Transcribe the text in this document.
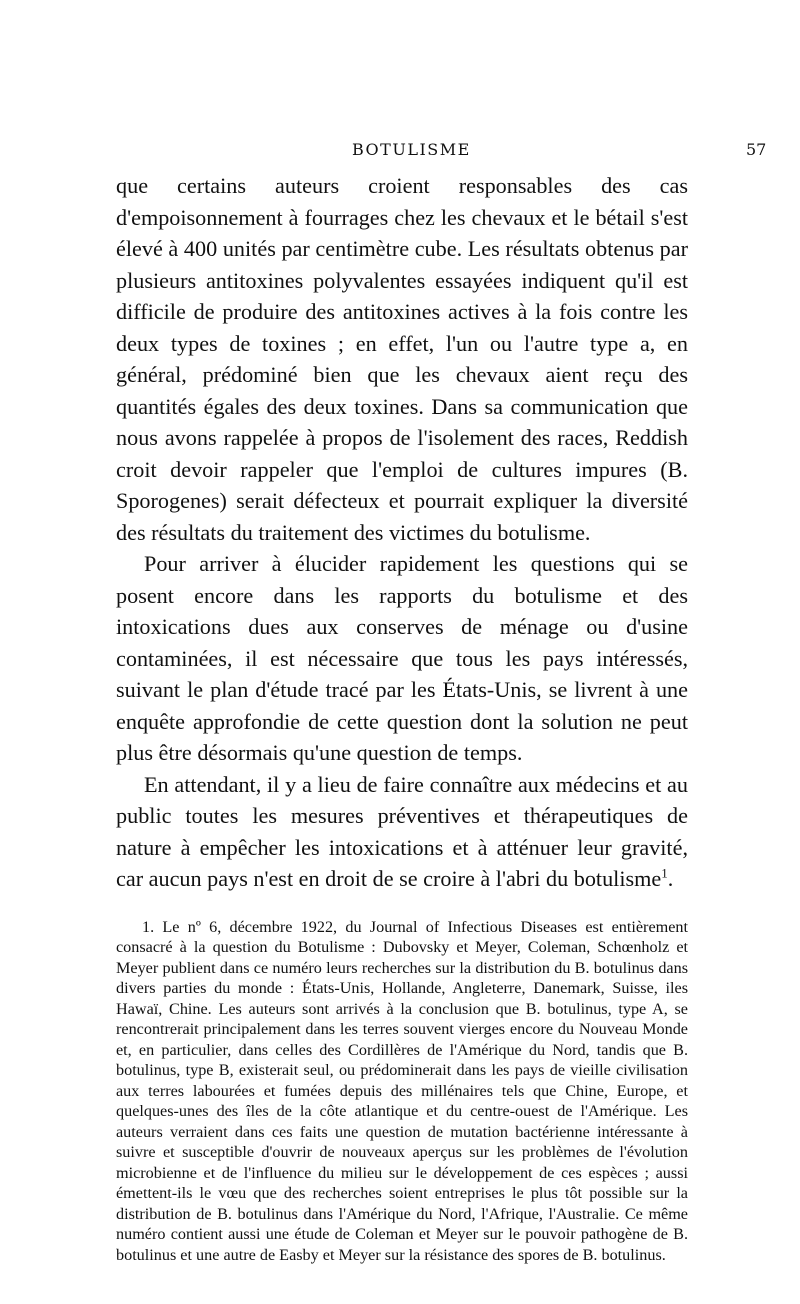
BOTULISME	57

que certains auteurs croient responsables des cas d'empoisonnement à fourrages chez les chevaux et le bétail s'est élevé à 400 unités par centimètre cube. Les résultats obtenus par plusieurs antitoxines polyvalentes essayées indiquent qu'il est difficile de produire des antitoxines actives à la fois contre les deux types de toxines ; en effet, l'un ou l'autre type a, en général, prédominé bien que les chevaux aient reçu des quantités égales des deux toxines. Dans sa communication que nous avons rappelée à propos de l'isolement des races, Reddish croit devoir rappeler que l'emploi de cultures impures (B. Sporogenes) serait défecteux et pourrait expliquer la diversité des résultats du traitement des victimes du botulisme.

Pour arriver à élucider rapidement les questions qui se posent encore dans les rapports du botulisme et des intoxications dues aux conserves de ménage ou d'usine contaminées, il est nécessaire que tous les pays intéressés, suivant le plan d'étude tracé par les États-Unis, se livrent à une enquête approfondie de cette question dont la solution ne peut plus être désormais qu'une question de temps.

En attendant, il y a lieu de faire connaître aux médecins et au public toutes les mesures préventives et thérapeutiques de nature à empêcher les intoxications et à atténuer leur gravité, car aucun pays n'est en droit de se croire à l'abri du botulisme$^1$.

1. Le nº 6, décembre 1922, du Journal of Infectious Diseases est entièrement consacré à la question du Botulisme : Dubovsky et Meyer, Coleman, Schœnholz et Meyer publient dans ce numéro leurs recherches sur la distribution du B. botulinus dans divers parties du monde : États-Unis, Hollande, Angleterre, Danemark, Suisse, iles Hawaï, Chine. Les auteurs sont arrivés à la conclusion que B. botulinus, type A, se rencontrerait principalement dans les terres souvent vierges encore du Nouveau Monde et, en particulier, dans celles des Cordillères de l'Amérique du Nord, tandis que B. botulinus, type B, existerait seul, ou prédominerait dans les pays de vieille civilisation aux terres labourées et fumées depuis des millénaires tels que Chine, Europe, et quelques-unes des îles de la côte atlantique et du centre-ouest de l'Amérique. Les auteurs verraient dans ces faits une question de mutation bactérienne intéressante à suivre et susceptible d'ouvrir de nouveaux aperçus sur les problèmes de l'évolution microbienne et de l'influence du milieu sur le développement de ces espèces ; aussi émettent-ils le vœu que des recherches soient entreprises le plus tôt possible sur la distribution de B. botulinus dans l'Amérique du Nord, l'Afrique, l'Australie. Ce même numéro contient aussi une étude de Coleman et Meyer sur le pouvoir pathogène de B. botulinus et une autre de Easby et Meyer sur la résistance des spores de B. botulinus.
